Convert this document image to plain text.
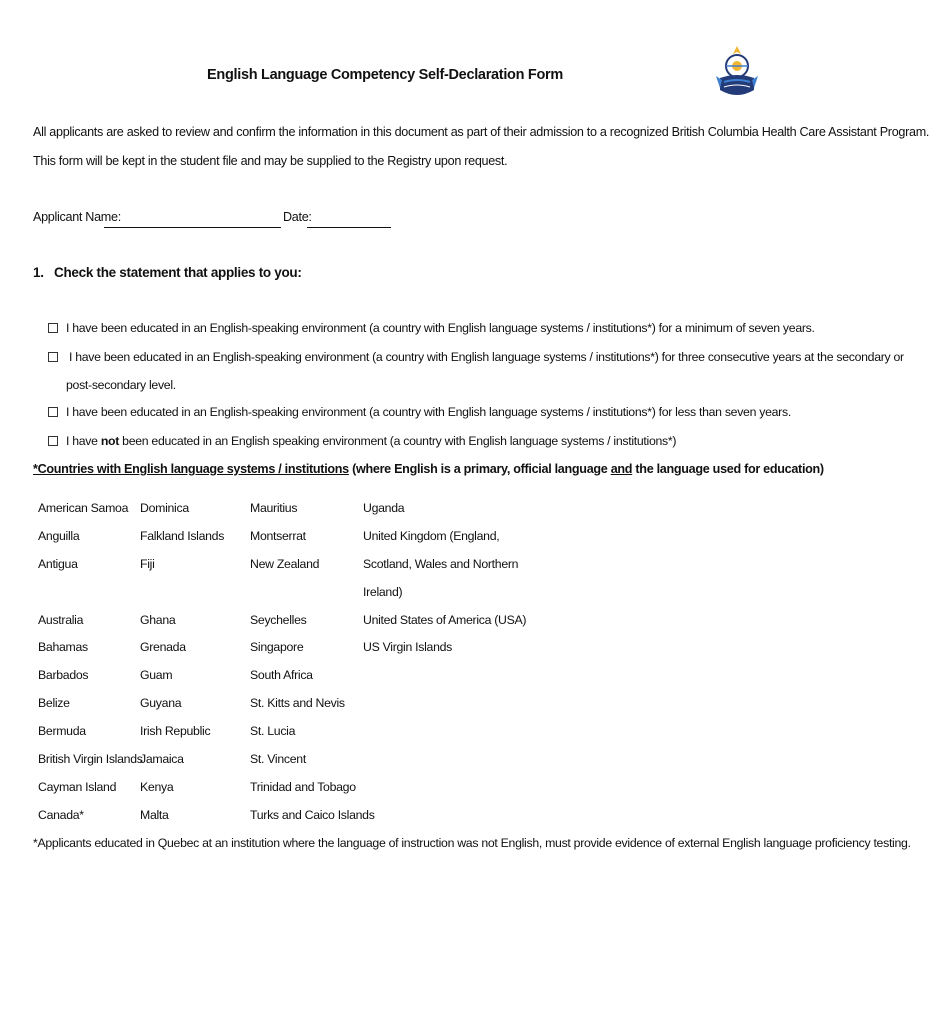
English Language Competency Self-Declaration Form
All applicants are asked to review and confirm the information in this document as part of their admission to a recognized British Columbia Health Care Assistant Program.
This form will be kept in the student file and may be supplied to the Registry upon request.
Applicant Name:	Date:
1. Check the statement that applies to you:
I have been educated in an English-speaking environment (a country with English language systems / institutions*) for a minimum of seven years.
I have been educated in an English-speaking environment (a country with English language systems / institutions*) for three consecutive years at the secondary or
post-secondary level.
I have been educated in an English-speaking environment (a country with English language systems / institutions*) for less than seven years.
I have not been educated in an English speaking environment (a country with English language systems / institutions*)
*Countries with English language systems / institutions (where English is a primary, official language and the language used for education)
American Samoa
Anguilla
Antigua
Australia
Bahamas
Barbados
Belize
Bermuda
British Virgin Islands
Cayman Island
Canada*
Dominica
Falkland Islands
Fiji
Ghana
Grenada
Guam
Guyana
Irish Republic
Jamaica
Kenya
Malta
Mauritius
Montserrat
New Zealand
Seychelles
Singapore
South Africa
St. Kitts and Nevis
St. Lucia
St. Vincent
Trinidad and Tobago
Turks and Caico Islands
Uganda
United Kingdom (England,
Scotland, Wales and Northern
Ireland)
United States of America (USA)
US Virgin Islands
*Applicants educated in Quebec at an institution where the language of instruction was not English, must provide evidence of external English language proficiency testing.
